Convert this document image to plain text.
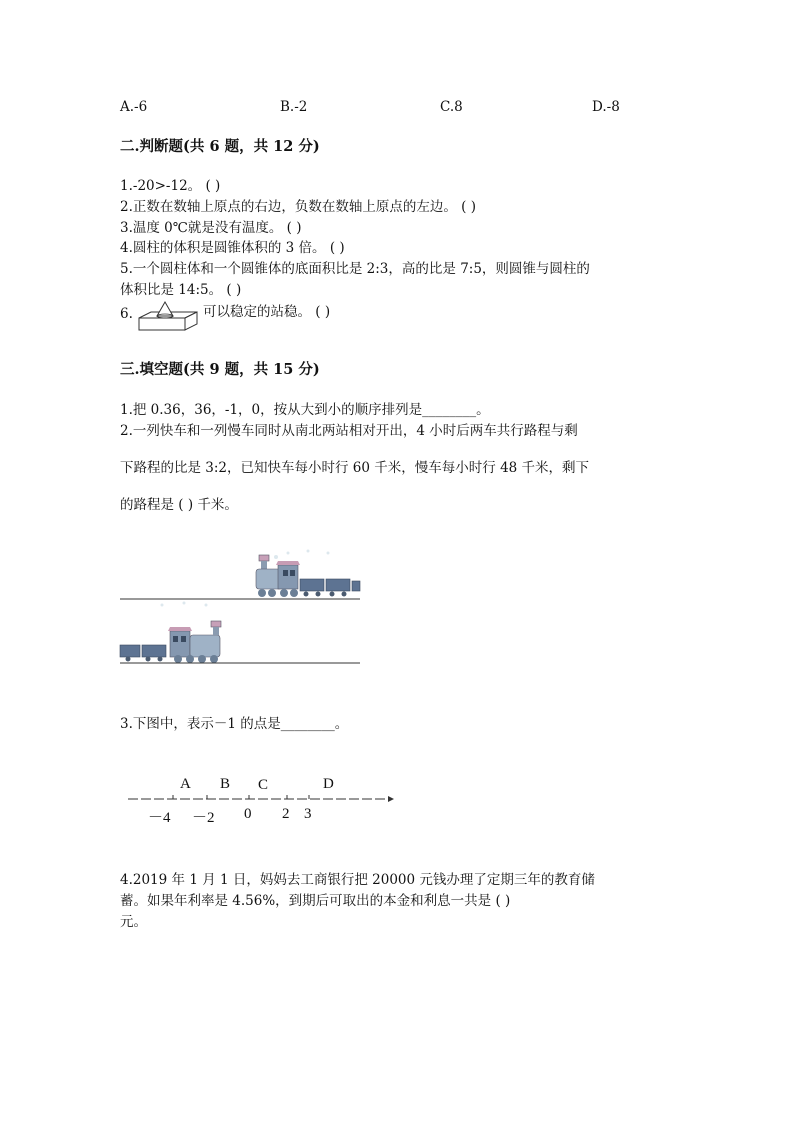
A.-6	B.-2	C.8	D.-8
二.判断题(共 6 题，共 12 分)
1.-20>-12。 ( )
2.正数在数轴上原点的右边，负数在数轴上原点的左边。 ( )
3.温度 0℃就是没有温度。 ( )
4.圆柱的体积是圆锥体积的 3 倍。 ( )
5.一个圆柱体和一个圆锥体的底面积比是 2:3，高的比是 7:5，则圆锥与圆柱的
体积比是 14:5。 ( )
6.	可以稳定的站稳。 ( )
三.填空题(共 9 题，共 15 分)
1.把 0.36，36，-1，0，按从大到小的顺序排列是________。
2.一列快车和一列慢车同时从南北两站相对开出，4 小时后两车共行路程与剩
下路程的比是 3:2，已知快车每小时行 60 千米，慢车每小时行 48 千米，剩下
的路程是 ( ) 千米。
3.下图中，表示－1 的点是________。
A B C	D
－4 －2 0 2 3
4.2019 年 1 月 1 日，妈妈去工商银行把 20000 元钱办理了定期三年的教育储
蓄。如果年利率是 4.56%，到期后可取出的本金和利息一共是 ( )
元。
